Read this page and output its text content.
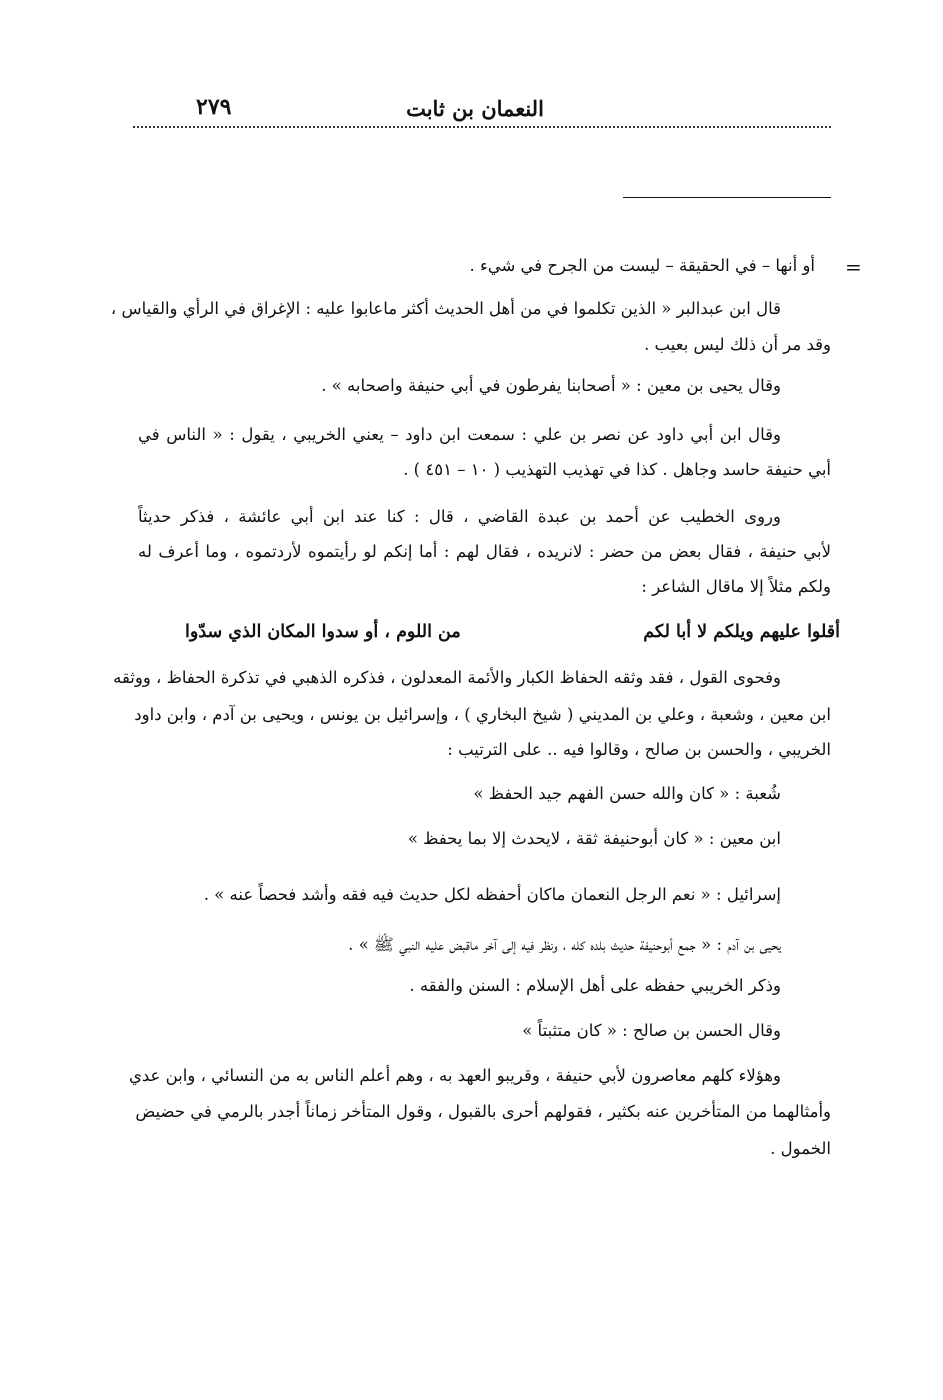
النعمان بن ثابت
٢٧٩
=
أو أنها – في الحقيقة – ليست من الجرح في شيء .
قال ابن عبدالبر « الذين تكلموا في من أهل الحديث أكثر ماعابوا عليه : الإغراق في الرأي والقياس ،
وقد مر أن ذلك ليس بعيب .
وقال يحيى بن معين : « أصحابنا يفرطون في أبي حنيفة واصحابه » .
وقال ابن أبي داود عن نصر بن علي : سمعت ابن داود – يعني الخريبي ، يقول : « الناس في
أبي حنيفة حاسد وجاهل . كذا في تهذيب التهذيب ( ١٠ – ٤٥١ ) .
وروى الخطيب عن أحمد بن عبدة القاضي ، قال : كنا عند ابن أبي عائشة ، فذكر حديثاً
لأبي حنيفة ، فقال بعض من حضر : لانريده ، فقال لهم : أما إنكم لو رأيتموه لأردتموه ، وما أعرف له
ولكم مثلاً إلا ماقال الشاعر :
أقلوا عليهم ويلكم لا أبا لكم
من اللوم ، أو سدوا المكان الذي سدّوا
وفحوى القول ، فقد وثقه الحفاظ الكبار والأئمة المعدلون ، فذكره الذهبي في تذكرة الحفاظ ، ووثقه
ابن معين ، وشعبة ، وعلي بن المديني ( شيخ البخاري ) ، وإسرائيل بن يونس ، ويحيى بن آدم ، وابن داود
الخريبي ، والحسن بن صالح ، وقالوا فيه .. على الترتيب :
شُعبة : « كان والله حسن الفهم جيد الحفظ »
ابن معين : « كان أبوحنيفة ثقة ، لايحدث إلا بما يحفظ »
إسرائيل : « نعم الرجل النعمان ماكان أحفظه لكل حديث فيه فقه وأشد فحصاً عنه » .
يحيى بن آدم : « جمع أبوحنيفة حديث بلده كله ، ونظر فيه إلى آخر ماقبض عليه النبي ﷺ » .
وذكر الخريبي حفظه على أهل الإسلام : السنن والفقه .
وقال الحسن بن صالح : « كان متثبتاً »
وهؤلاء كلهم معاصرون لأبي حنيفة ، وقريبو العهد به ، وهم أعلم الناس به من النسائي ، وابن عدي
وأمثالهما من المتأخرين عنه بكثير ، فقولهم أحرى بالقبول ، وقول المتأخر زماناً أجدر بالرمي في حضيض
الخمول .
